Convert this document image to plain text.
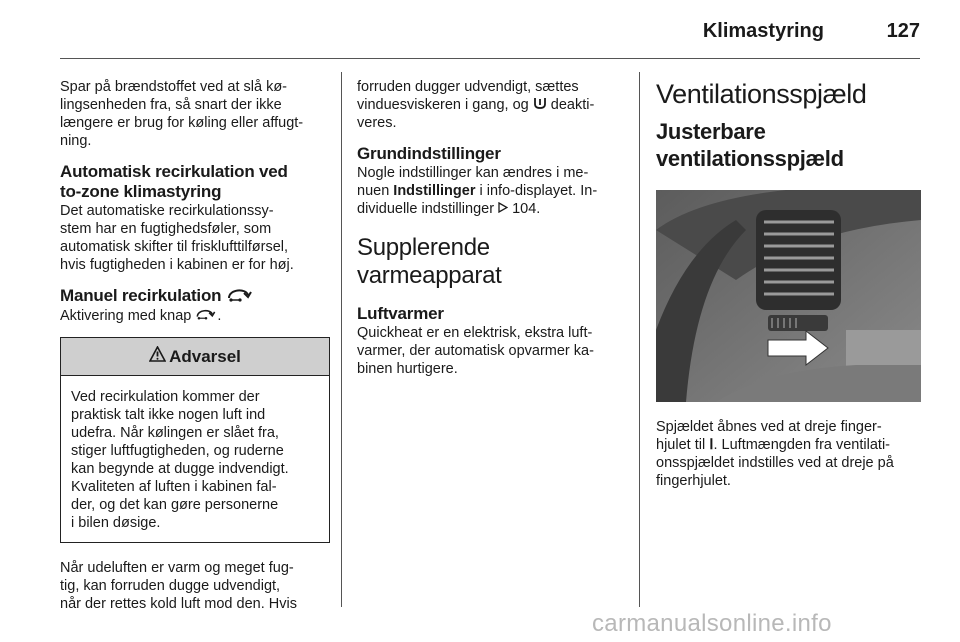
Klimastyring	127
Spar på brændstoffet ved at slå kø-
lingsenheden fra, så snart der ikke
længere er brug for køling eller affugt-
ning.
Automatisk recirkulation ved
to-zone klimastyring
Det automatiske recirkulationssy-
stem har en fugtighedsføler, som
automatisk skifter til frisklufttilførsel,
hvis fugtigheden i kabinen er for høj.
Manuel recirkulation
Aktivering med knap .
Advarsel
Ved recirkulation kommer der
praktisk talt ikke nogen luft ind
udefra. Når kølingen er slået fra,
stiger luftfugtigheden, og ruderne
kan begynde at dugge indvendigt.
Kvaliteten af luften i kabinen fal-
der, og det kan gøre personerne
i bilen døsige.
Når udeluften er varm og meget fug-
tig, kan forruden dugge udvendigt,
når der rettes kold luft mod den. Hvis
forruden dugger udvendigt, sættes
vinduesviskeren i gang, og deakti-
veres.
Grundindstillinger
Nogle indstillinger kan ændres i me-
nuen Indstillinger i info-displayet. In-
dividuelle indstillinger 104.
Supplerende
varmeapparat
Luftvarmer
Quickheat er en elektrisk, ekstra luft-
varmer, der automatisk opvarmer ka-
binen hurtigere.
Ventilationsspjæld
Justerbare
ventilationsspjæld
Spjældet åbnes ved at dreje finger-
hjulet til Ⅰ. Luftmængden fra ventilati-
onsspjældet indstilles ved at dreje på
fingerhjulet.
carmanualsonline.info
